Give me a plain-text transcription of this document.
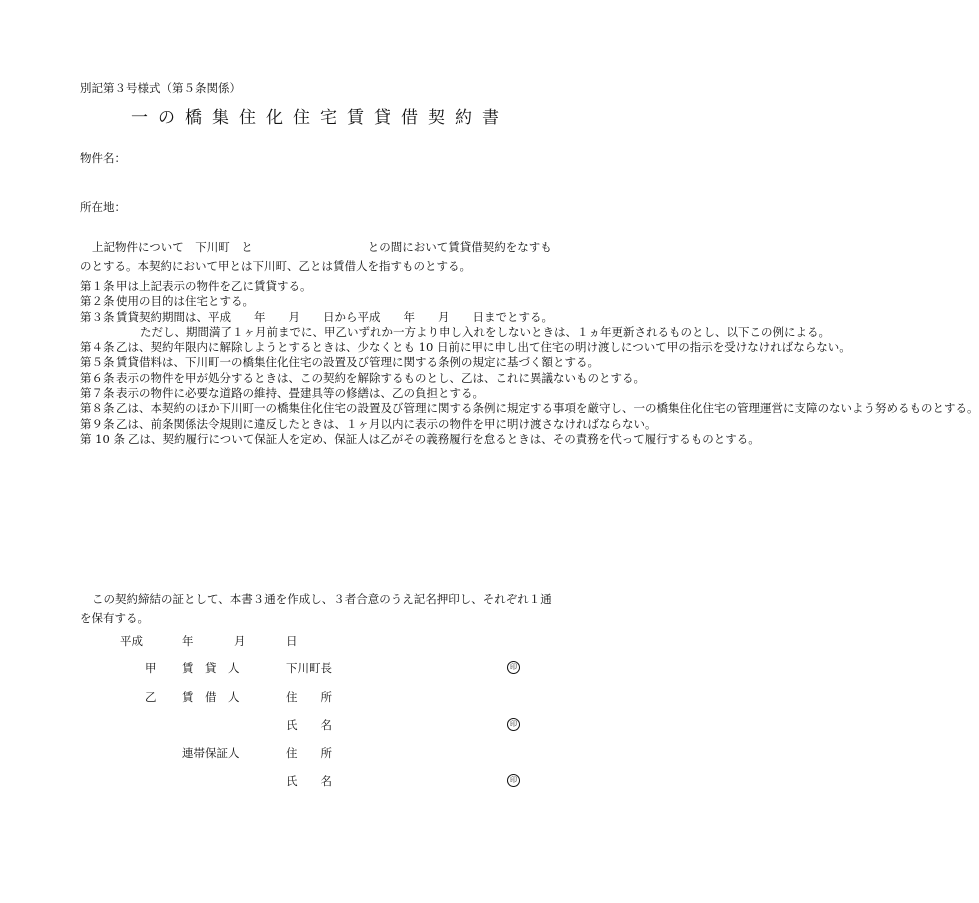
別記第３号様式（第５条関係）
一の橋集住化住宅賃貸借契約書
物件名：
所在地：
上記物件について　下川町　と　　　　　　　　　　との間において賃貸借契約をなすものとする。本契約において甲とは下川町、乙とは賃借人を指すものとする。
第１条 甲は上記表示の物件を乙に賃貸する。
第２条 使用の目的は住宅とする。
第３条 賃貸契約期間は、平成　　年　　月　　日から平成　　年　　月　　日までとする。
ただし、期間満了１ヶ月前までに、甲乙いずれか一方より申し入れをしないときは、１ヵ年更新されるものとし、以下この例による。
第４条 乙は、契約年限内に解除しようとするときは、少なくとも 10 日前に甲に申し出て住宅の明け渡しについて甲の指示を受けなければならない。
第５条 賃貸借料は、下川町一の橋集住化住宅の設置及び管理に関する条例の規定に基づく額とする。
第６条 表示の物件を甲が処分するときは、この契約を解除するものとし、乙は、これに異議ないものとする。
第７条 表示の物件に必要な道路の維持、畳建具等の修繕は、乙の負担とする。
第８条 乙は、本契約のほか下川町一の橋集住化住宅の設置及び管理に関する条例に規定する事項を厳守し、一の橋集住化住宅の管理運営に支障のないよう努めるものとする。
第９条 乙は、前条関係法令規則に違反したときは、１ヶ月以内に表示の物件を甲に明け渡さなければならない。
第 10 条 乙は、契約履行について保証人を定め、保証人は乙がその義務履行を怠るときは、その責務を代って履行するものとする。
この契約締結の証として、本書３通を作成し、３者合意のうえ記名押印し、それぞれ１通を保有する。
平成	年	月	日
甲 賃　貸　人	下川町長	印
乙 賃　借　人	住　　所
氏　　名	印
連帯保証人	住　　所
氏　　名	印
